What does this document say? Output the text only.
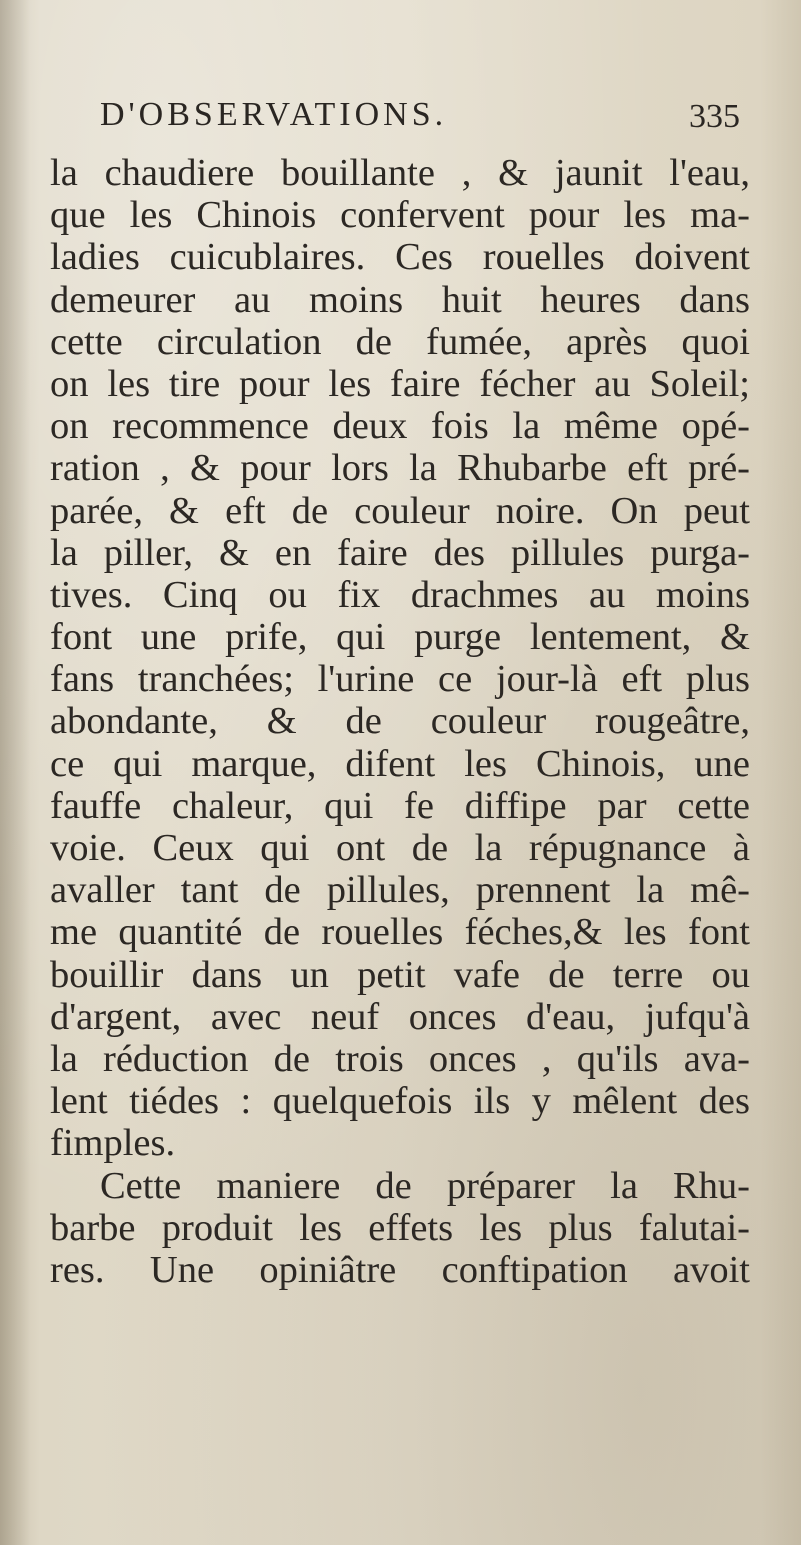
D'OBSERVATIONS.	335
la chaudiere bouillante , & jaunit l'eau,
que les Chinois confervent pour les ma-
ladies cuicublaires. Ces rouelles doivent
demeurer au moins huit heures dans
cette circulation de fumée, après quoi
on les tire pour les faire fécher au Soleil;
on recommence deux fois la même opé-
ration , & pour lors la Rhubarbe eft pré-
parée, & eft de couleur noire. On peut
la piller, & en faire des pillules purga-
tives. Cinq ou fix drachmes au moins
font une prife, qui purge lentement, &
fans tranchées; l'urine ce jour-là eft plus
abondante, & de couleur rougeâtre,
ce qui marque, difent les Chinois, une
fauffe chaleur, qui fe diffipe par cette
voie. Ceux qui ont de la répugnance à
avaller tant de pillules, prennent la mê-
me quantité de rouelles féches,& les font
bouillir dans un petit vafe de terre ou
d'argent, avec neuf onces d'eau, jufqu'à
la réduction de trois onces , qu'ils ava-
lent tiédes : quelquefois ils y mêlent des
fimples.
Cette maniere de préparer la Rhu-
barbe produit les effets les plus falutai-
res. Une opiniâtre conftipation avoit
